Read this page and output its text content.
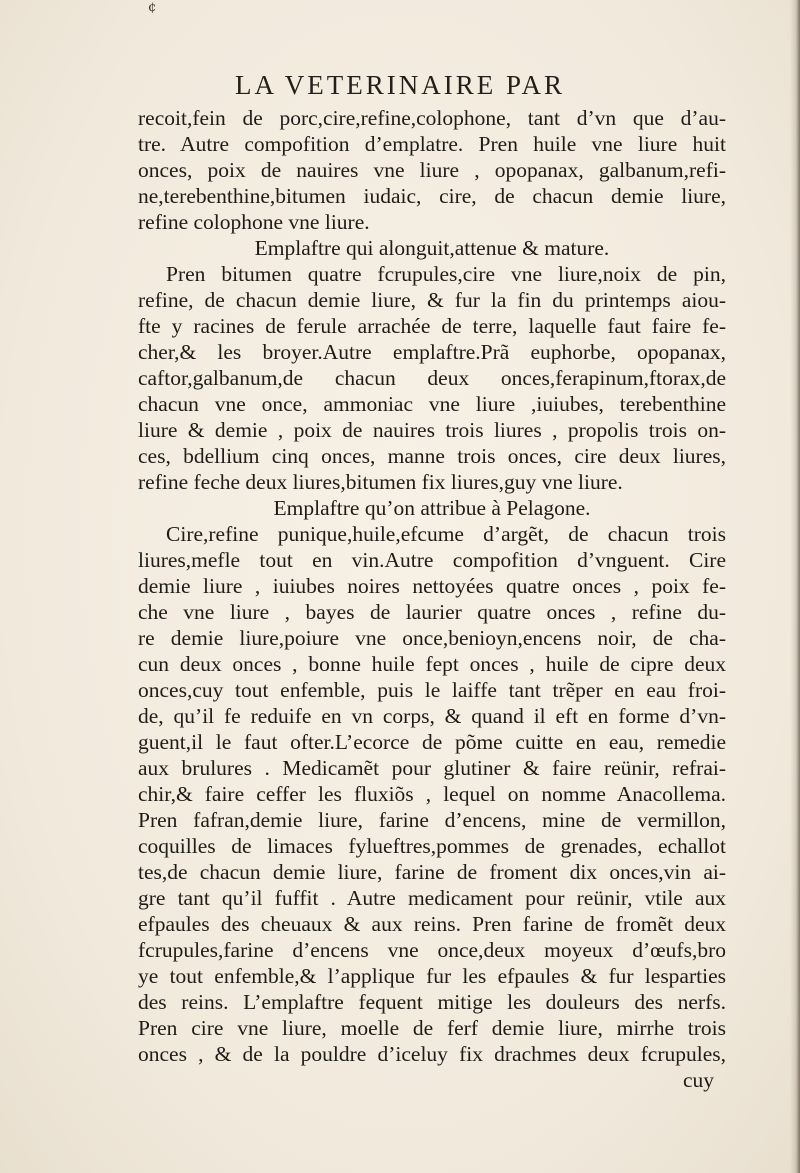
¢
LA VETERINAIRE PAR
recoit,fein de porc,cire,refine,colophone, tant d’vn que d’au-
tre. Autre compofition d’emplatre. Pren huile vne liure huit
onces, poix de nauires vne liure , opopanax, galbanum,refi-
ne,terebenthine,bitumen iudaic, cire, de chacun demie liure,
refine colophone vne liure.
Emplaftre qui alonguit,attenue & mature.
Pren bitumen quatre fcrupules,cire vne liure,noix de pin,
refine, de chacun demie liure, & fur la fin du printemps aiou-
fte y racines de ferule arrachée de terre, laquelle faut faire fe-
cher,& les broyer.Autre emplaftre.Prã euphorbe, opopanax,
caftor,galbanum,de chacun deux onces,ferapinum,ftorax,de
chacun vne once, ammoniac vne liure ,iuiubes, terebenthine
liure & demie , poix de nauires trois liures , propolis trois on-
ces, bdellium cinq onces, manne trois onces, cire deux liures,
refine feche deux liures,bitumen fix liures,guy vne liure.
Emplaftre qu’on attribue à Pelagone.
Cire,refine punique,huile,efcume d’argẽt, de chacun trois
liures,mefle tout en vin.Autre compofition d’vnguent. Cire
demie liure , iuiubes noires nettoyées quatre onces , poix fe-
che vne liure , bayes de laurier quatre onces , refine du-
re demie liure,poiure vne once,benioyn,encens noir, de cha-
cun deux onces , bonne huile fept onces , huile de cipre deux
onces,cuy tout enfemble, puis le laiffe tant trẽper en eau froi-
de, qu’il fe reduife en vn corps, & quand il eft en forme d’vn-
guent,il le faut ofter.L’ecorce de põme cuitte en eau, remedie
aux brulures . Medicamẽt pour glutiner & faire reünir, refrai-
chir,& faire ceffer les fluxiõs , lequel on nomme Anacollema.
Pren fafran,demie liure, farine d’encens, mine de vermillon,
coquilles de limaces fylueftres,pommes de grenades, echallot
tes,de chacun demie liure, farine de froment dix onces,vin ai-
gre tant qu’il fuffit . Autre medicament pour reünir, vtile aux
efpaules des cheuaux & aux reins. Pren farine de fromẽt deux
fcrupules,farine d’encens vne once,deux moyeux d’œufs,bro
ye tout enfemble,& l’applique fur les efpaules & fur lesparties
des reins. L’emplaftre fequent mitige les douleurs des nerfs.
Pren cire vne liure, moelle de ferf demie liure, mirrhe trois
onces , & de la pouldre d’iceluy fix drachmes deux fcrupules,
cuy
